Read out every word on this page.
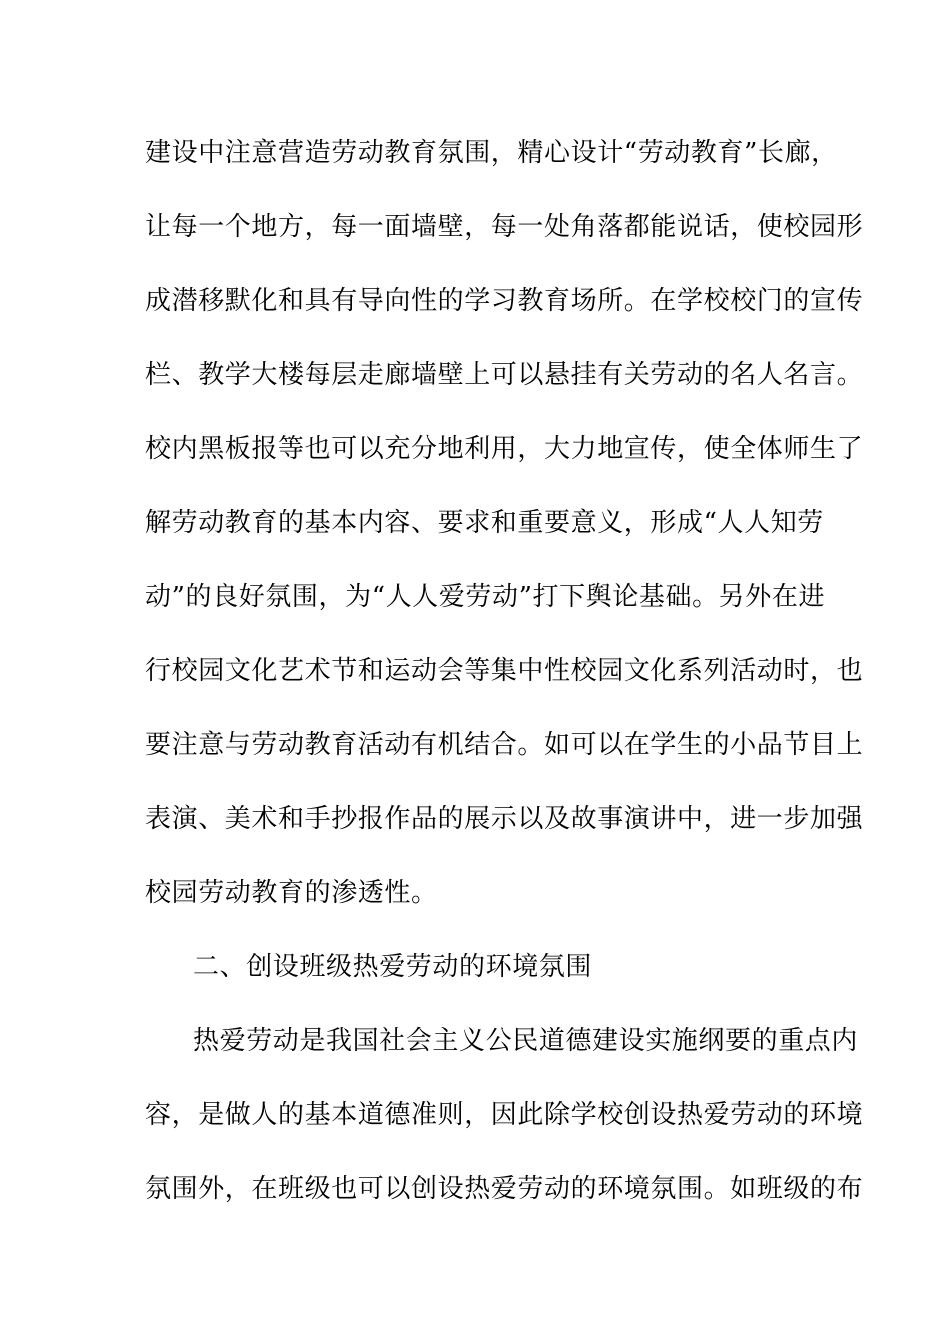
建设中注意营造劳动教育氛围，精心设计“劳动教育”长廊，
让每一个地方，每一面墙壁，每一处角落都能说话，使校园形
成潜移默化和具有导向性的学习教育场所。在学校校门的宣传
栏、教学大楼每层走廊墙壁上可以悬挂有关劳动的名人名言。
校内黑板报等也可以充分地利用，大力地宣传，使全体师生了
解劳动教育的基本内容、要求和重要意义，形成“人人知劳
动”的良好氛围，为“人人爱劳动”打下舆论基础。另外在进
行校园文化艺术节和运动会等集中性校园文化系列活动时，也
要注意与劳动教育活动有机结合。如可以在学生的小品节目上
表演、美术和手抄报作品的展示以及故事演讲中，进一步加强
校园劳动教育的渗透性。
二、创设班级热爱劳动的环境氛围
热爱劳动是我国社会主义公民道德建设实施纲要的重点内
容，是做人的基本道德准则，因此除学校创设热爱劳动的环境
氛围外，在班级也可以创设热爱劳动的环境氛围。如班级的布
